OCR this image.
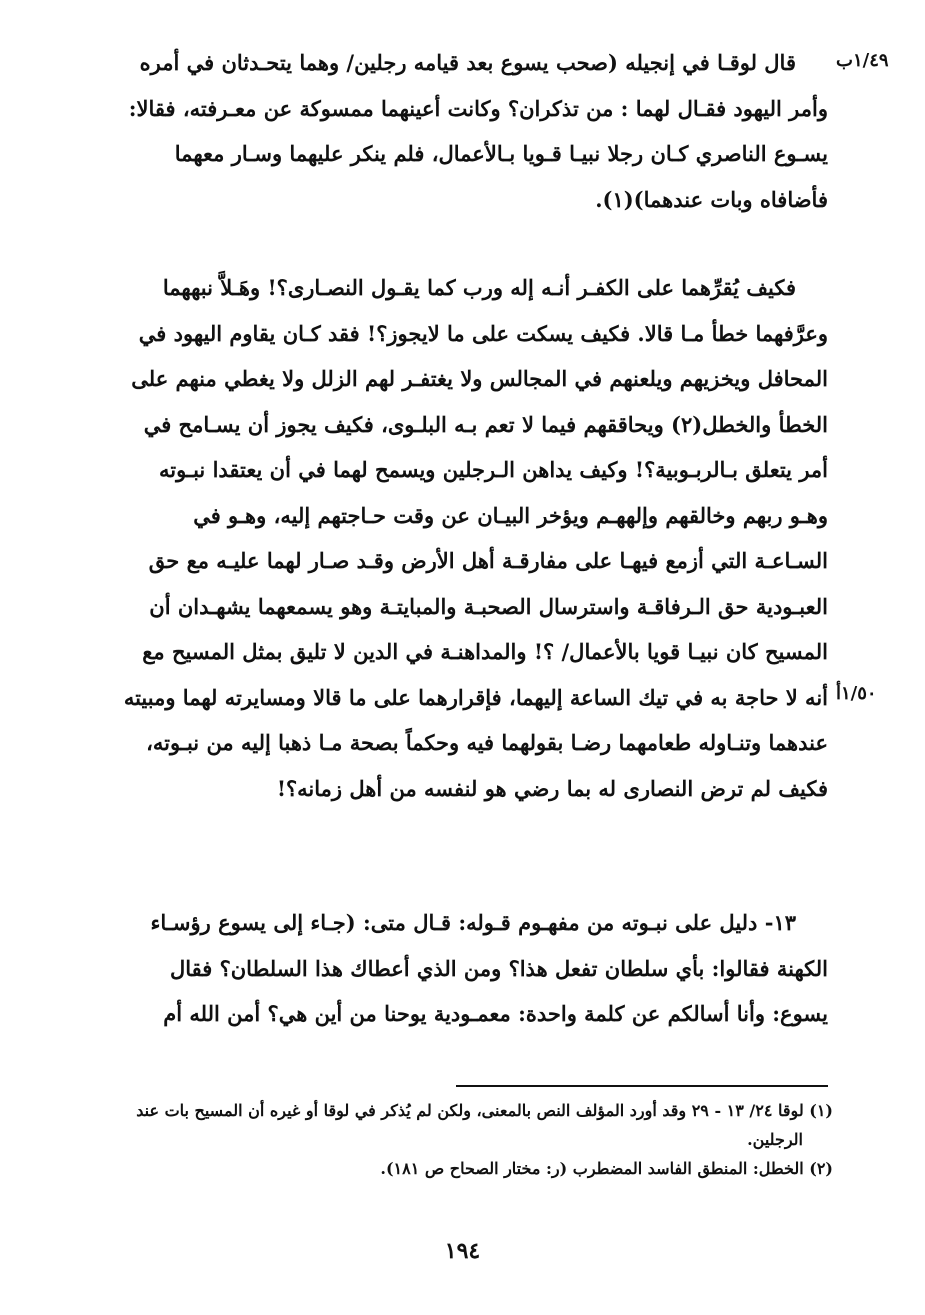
١/٤٩ب
١/٥٠أ
قال لوقـا في إنجيله (صحب يسوع بعد قيامه رجلين/ وهما يتحـدثان في أمره
وأمر اليهود فقـال لهما : من تذكران؟ وكانت أعينهما ممسوكة عن معـرفته، فقالا:
يسـوع الناصري كـان رجلا نبيـا قـويا بـالأعمال، فلم ينكر عليهما وسـار معهما
فأضافاه وبات عندهما)(١).
فكيف يُقرِّهما على الكفـر أنـه إله ورب كما يقـول النصـارى؟! وهَـلاَّ نبههما
وعرَّفهما خطأ مـا قالا. فكيف يسكت على ما لايجوز؟! فقد كـان يقاوم اليهود في
المحافل ويخزيهم ويلعنهم في المجالس ولا يغتفـر لهم الزلل ولا يغطي منهم على
الخطأ والخطل(٢) ويحاققهم فيما لا تعم بـه البلـوى، فكيف يجوز أن يسـامح في
أمر يتعلق بـالربـوبية؟! وكيف يداهن الـرجلين ويسمح لهما في أن يعتقدا نبـوته
وهـو ربهم وخالقهم وإلههـم ويؤخر البيـان عن وقت حـاجتهم إليه، وهـو في
السـاعـة التي أزمع فيهـا على مفارقـة أهل الأرض وقـد صـار لهما عليـه مع حق
العبـودية حق الـرفاقـة واسترسال الصحبـة والمبايتـة وهو يسمعهما يشهـدان أن
المسيح كان نبيـا قويا بالأعمال/ ؟! والمداهنـة في الدين لا تليق بمثل المسيح مع
أنه لا حاجة به في تيك الساعة إليهما، فإقرارهما على ما قالا ومسايرته لهما ومبيته
عندهما وتنـاوله طعامهما رضـا بقولهما فيه وحكماً بصحة مـا ذهبا إليه من نبـوته،
فكيف لم ترض النصارى له بما رضي هو لنفسه من أهل زمانه؟!
١٣- دليل على نبـوته من مفهـوم قـوله: قـال متى: (جـاء إلى يسوع رؤسـاء
الكهنة فقالوا: بأي سلطان تفعل هذا؟ ومن الذي أعطاك هذا السلطان؟ فقال
يسوع: وأنا أسالكم عن كلمة واحدة: معمـودية يوحنا من أين هي؟ أمن الله أم
(١) لوقا ٢٤/ ١٣ - ٢٩ وقد أورد المؤلف النص بالمعنى، ولكن لم يُذكر في لوقا أو غيره أن المسيح بات عند
الرجلين.
(٢) الخطل: المنطق الفاسد المضطرب (ر: مختار الصحاح ص ١٨١).
١٩٤
